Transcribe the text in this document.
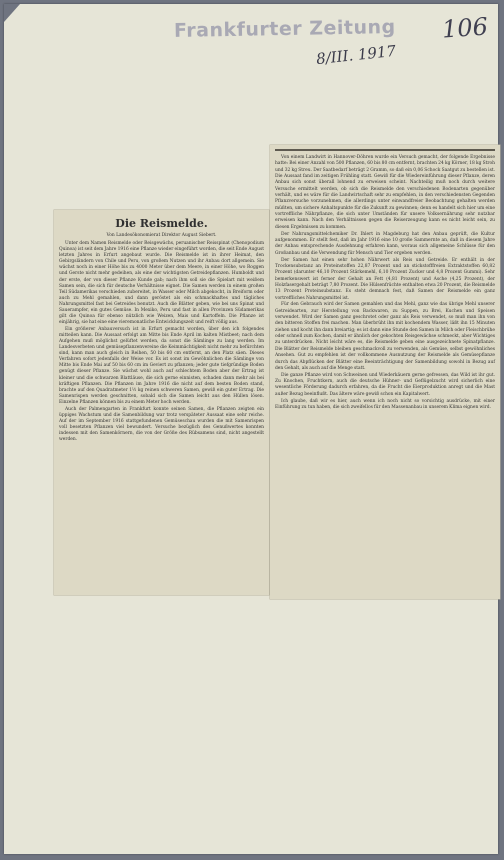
Frankfurter Zeitung 106
8/III. 1917
Die Reismelde.
Von Landesökonomierat Direktor August Siebert.

Unter dem Namen Reismelde oder Reisgewächs, peruanischer Reisspinat (Chenopodium Quinoa) ist seit dem Jahre 1916 eine Pflanze wieder eingeführt worden, die seit Ende August letzten Jahres in Erfurt angebaut wurde. Die Reismelde ist in ihrer Heimat, den Gebirgsländern von Chile und Peru, von großem Nutzen und ihr Anbau dort allgemein. Sie wächst noch in einer Höhe bis zu 4000 Meter über dem Meere, in einer Höhe, wo Roggen und Gerste nicht mehr gedeihen, als eine der wichtigsten Getreidepflanzen. Humboldt und der erste, der von dieser Pflanze Kunde gab; nach ihm soll sie die Spielart mit weißem Samen sein, die sich für deutsche Verhältnisse eignet. Die Samen werden in einem großen Teil Südamerikas verschieden zubereitet, in Wasser oder Milch abgekocht, in Breiform oder auch zu Mehl gemahlen, und dann geröstet als ein schmackhaftes und tägliches Nahrungsmittel fast bei Getreides benutzt. Auch die Blätter geben, wie bei uns Spinat und Sauerampfer, ein gutes Gemüse. In Mexiko, Peru und fast in allen Provinzen Südamerikas gilt die Quinoa für ebenso nützlich wie Weizen, Mais und Kartoffeln. Die Pflanze ist einjährig, sie hat eine eine vieremonatliche Entwicklungszeit und reift völlig aus.

Ein größerer Anbauversuch ist in Erfurt gemacht worden, über den ich folgendes mitteilen kann. Die Aussaat erfolgt am Mitte bis Ende April im kalten Mistbeet; nach dem Aufgehen muß möglichst gelüftet werden, da sonst die Sämlinge zu lang werden. Im Landesverbeten und gemüsepflanzenvereine die Keimmächtigkeit nicht mehr zu befürchten sind, kann man auch gleich in Reihen, 50 bis 60 cm entfernt, an den Platz säen. Dieses Verfahren sofort jedenfalls der Weise vor. Es ist sonst im Gewöhnlichen die Sämlinge von Mitte bis Ende Mai auf 50 bis 60 cm im Geviert zu pflanzen; jeder gute tiefgründige Boden genügt dieser Pflanze. Sie wächst wohl auch auf schlechtem Boden aber der Ertrag ist kleiner und die schwarzen Blattläuse, die sich gerne einnisten, schaden dann mehr als bei kräftigen Pflanzen. Die Pflanzen im Jahre 1916 die nicht auf dem besten Boden stand, brachte auf den Quadratmeter 1½ kg reinen schweren Samen, gewiß ein guter Ertrag. Die Samenrispen werden geschnitten, sobald sich die Samen leicht aus den Hüllen lösen. Einzelne Pflanzen können bis zu einem Meter hoch werden.

Auch der Palmengarten in Frankfurt konnte seinen Samen, die Pflanzen zeigten ein üppiges Wachstum und die Samenbildung war trotz verspäteter Aussaat eine sehr reiche. Auf der im September 1916 stattgefundenen Gemüseschau wurden die mit Samenrispen voll besetzten Pflanzen viel bewundert. Versuche bezüglich des Genußwertes konnten indessen mit den Samenkörnern, die von der Größe des Rübsamens sind, nicht angestellt werden.

Von einem Landwirt in Hannover-Döhren wurde ein Versuch gemacht, der folgende Ergebnisse hatte: Bei einer Anzahl von 500 Pflanzen, 60 bis 80 cm entfernt, brachten 24 kg Körner, 18 kg Stroh und 32 kg Streu. Der Saatbedarf beträgt 2 Gramm, so daß ein 0,06 Schock Saatgut zu bestellen ist. Die Aussaat fand im zeitigen Frühling statt. Gewiß für die Wiedereinführung dieser Pflanze, deren Anbau sich sonst überall lohnend zu erweisen scheint. Nachteilig muß noch durch weitere Versuche ermittelt werden, ob sich die Reismelde den verschiedenen Bodenarten gegenüber verhält, und es wäre für die Landwirtschaft sehr zu empfehlen, in den verschiedensten Gegenden Pflanzversuche vorzunehmen, die allerdings unter einwandfreier Beobachtung gehalten werden müßten, um sichere Anhaltspunkte für die Zukunft zu gewinnen; denn es handelt sich hier um eine vortreffliche Nährpflanze, die sich unter Umständen für unsere Volksernährung sehr nutzbar erweisen kann. Nach den Verhältnissen gegen die Reiserzeugung kann es nicht leicht sein, zu diesen Ergebnissen zu kommen.

Der Nahrungsmittelchemiker Dr. Ihlert in Magdeburg hat den Anbau geprüft, die Kultur aufgenommen. Er stellt fest, daß im Jahr 1916 eine 10 große Sammernte an, daß in diesem Jahre der Anbau entsprechende Ausdehnung erfahren kann, woraus sich allgemeine Schlüsse für den Großanbau und die Verwendung für Mensch und Tier ergeben werden.

Der Samen hat einen sehr hohen Nährwert als Reis und Getreide. Er enthält in der Trockensubstanz an Proteinstoffen 22,87 Prozent und an stickstofffreien Extraktstoffen 60,82 Prozent (darunter 46,10 Prozent Stärkemehl, 6,10 Prozent Zucker und 4,8 Prozent Gummi). Sehr bemerkenswert ist ferner der Gehalt an Fett (4,81 Prozent) und Asche (4,25 Prozent), der Holzfasergehalt beträgt 7,80 Prozent. Die Hülsenfrüchte enthalten etwa 20 Prozent, die Reismelde 13 Prozent Proteinsubstanz. Es steht demnach fest, daß Samen der Reismelde ein ganz vortreffliches Nahrungsmittel ist.

Für den Gebrauch wird der Samen gemahlen und das Mehl, ganz wie das übrige Mehl unserer Getreidearten, zur Herstellung von Backwaren, zu Suppen, zu Brei, Kuchen und Speisen verwendet. Wird der Samen ganz geschrotet oder ganz als Reis verwendet, so muß man ihn von den bitteren Stoffen frei machen. Man überbrüht ihn mit kochendem Wasser, läßt ihn 15 Minuten ziehen und kocht ihn dann breiartig; es ist dann eine Stunde den Samen in Milch oder Fleischbrühe oder schnell zum Kochen, damit er ähnlich der gekochten Reisgewächse schmeckt, aber Wichtiges zu unterdrücken. Nicht leicht wäre es, die Reismelde geben eine ausgezeichnete Spinatpflanze. Die Blätter der Reismelde bleiben geschmackvoll zu verwenden, als Gemüse, selbst gewöhnliches Ansehen. Gut zu empfehlen ist der vollkommene Ausnutzung der Reismelde als Gemüsepflanze durch das Abpflücken der Blätter eine Beeinträchtigung der Samenbildung sowohl in Bezug auf den Gehalt, als auch auf die Menge statt.

Die ganze Pflanze wird von Schweinen und Wiederkäuern gerne gefressen, das Wild ist ihr gut. Zu Knochen, Fruchtkern, auch die deutsche Hühner- und Geflügelzucht wird sicherlich eine wesentliche Förderung dadurch erfahren, da die Frucht die Eierproduktion anregt und die Mast außer Bezug beeinflußt. Das ältere wäre gewiß schon ein Kapitalwert.

Ich glaube, daß wir es hier, auch wenn ich noch nicht so vorsichtig ausdrücke, mit einer Einführung zu tun haben, die sich zweifellos für den Massenanbau in unserem Klima eignen wird.
